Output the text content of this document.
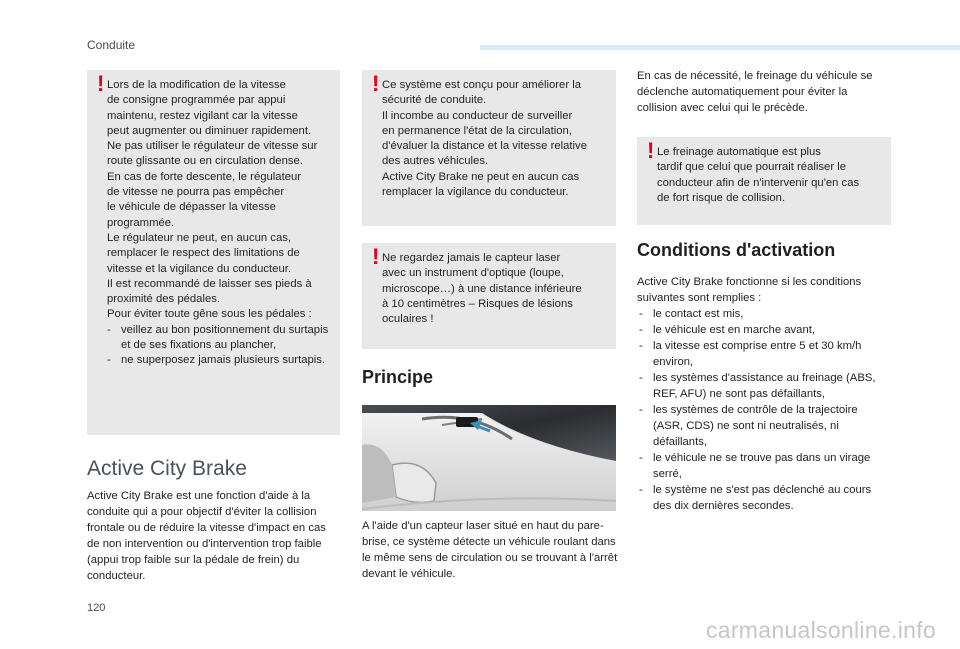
Conduite
! Lors de la modification de la vitesse

de consigne programmée par appui

maintenu, restez vigilant car la vitesse

peut augmenter ou diminuer rapidement.

Ne pas utiliser le régulateur de vitesse sur

route glissante ou en circulation dense.

En cas de forte descente, le régulateur

de vitesse ne pourra pas empêcher

le véhicule de dépasser la vitesse

programmée.

Le régulateur ne peut, en aucun cas,

remplacer le respect des limitations de

vitesse et la vigilance du conducteur.

Il est recommandé de laisser ses pieds à

proximité des pédales.

Pour éviter toute gêne sous les pédales :

- veillez au bon positionnement du surtapis et de ses fixations au plancher,
- ne superposez jamais plusieurs surtapis.
Active City Brake

Active City Brake est une fonction d'aide à la conduite qui a pour objectif d'éviter la collision frontale ou de réduire la vitesse d'impact en cas de non intervention ou d'intervention trop faible (appui trop faible sur la pédale de frein) du conducteur.

! Ce système est conçu pour améliorer la

sécurité de conduite.

Il incombe au conducteur de surveiller

en permanence l'état de la circulation,

d'évaluer la distance et la vitesse relative

des autres véhicules.

Active City Brake ne peut en aucun cas

remplacer la vigilance du conducteur.

! Ne regardez jamais le capteur laser

avec un instrument d'optique (loupe,

microscope…) à une distance inférieure

à 10 centimètres – Risques de lésions

oculaires !

Principe

A l'aide d'un capteur laser situé en haut du pare-brise, ce système détecte un véhicule roulant dans le même sens de circulation ou se trouvant à l'arrêt devant le véhicule.

En cas de nécessité, le freinage du véhicule se déclenche automatiquement pour éviter la collision avec celui qui le précède.

! Le freinage automatique est plus

tardif que celui que pourrait réaliser le

conducteur afin de n'intervenir qu'en cas

de fort risque de collision.

Conditions d'activation

Active City Brake fonctionne si les conditions

suivantes sont remplies :

- le contact est mis,
- le véhicule est en marche avant,
- la vitesse est comprise entre 5 et 30 km/h environ,
- les systèmes d'assistance au freinage (ABS, REF, AFU) ne sont pas défaillants,
- les systèmes de contrôle de la trajectoire (ASR, CDS) ne sont ni neutralisés, ni défaillants,
- le véhicule ne se trouve pas dans un virage serré,
- le système ne s'est pas déclenché au cours des dix dernières secondes.
120
carmanualsonline.info
